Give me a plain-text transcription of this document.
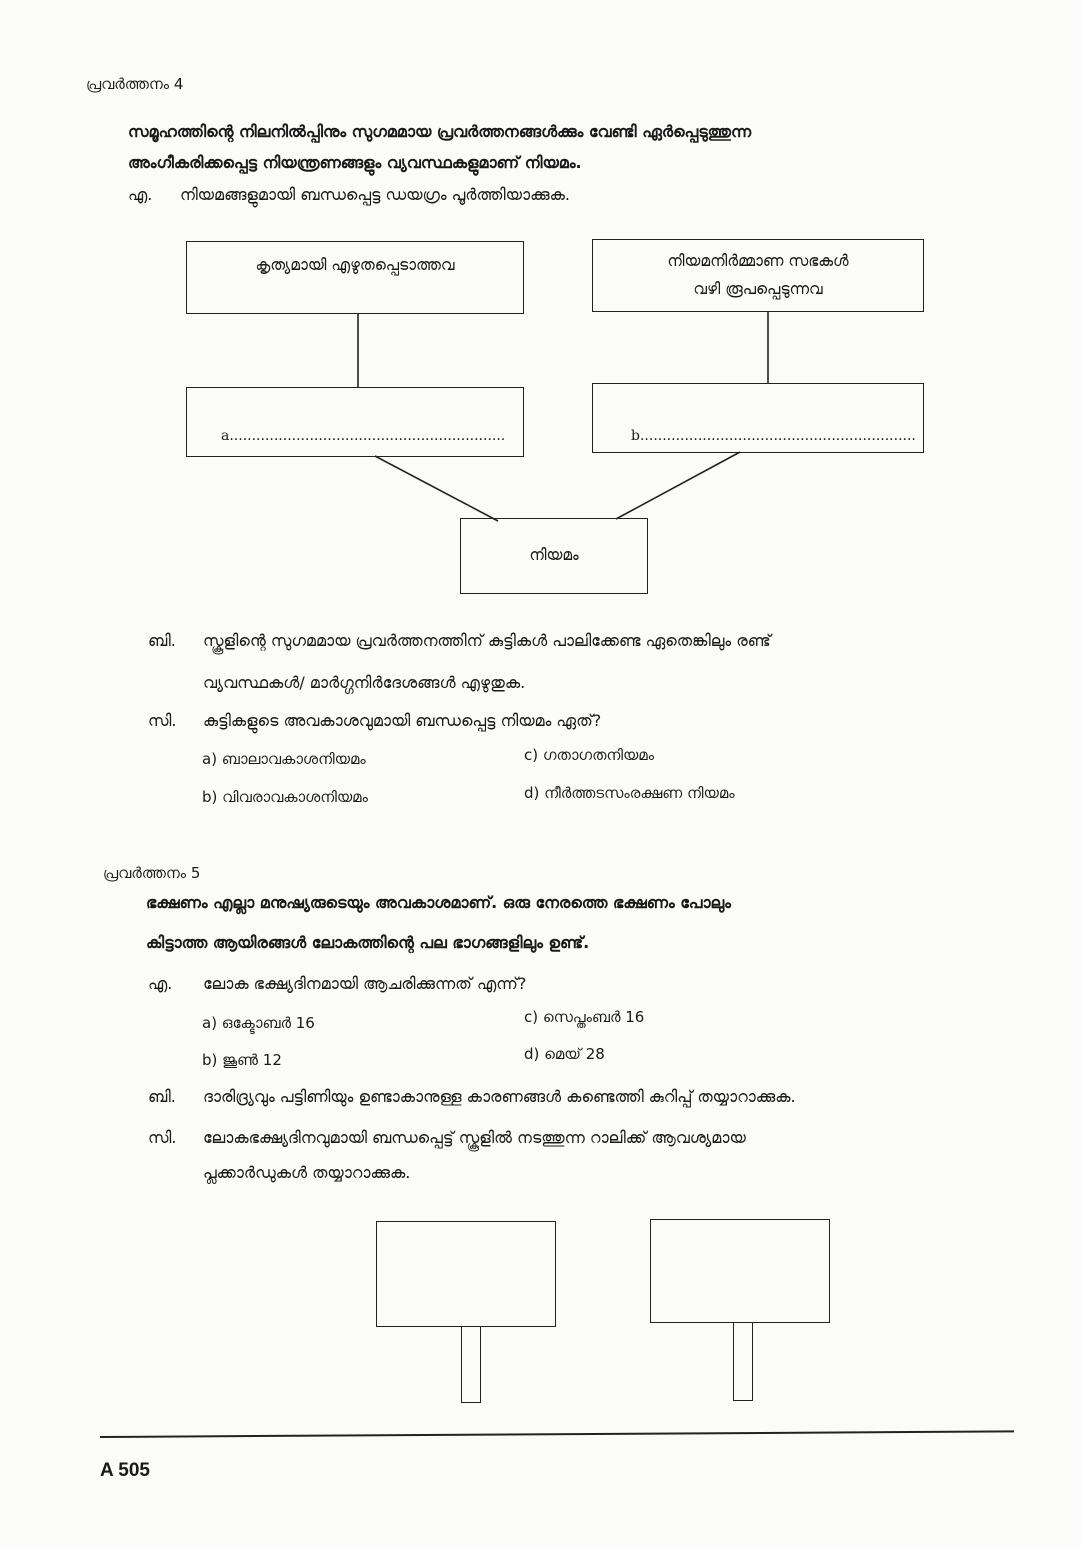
പ്രവർത്തനം 4
സമൂഹത്തിന്റെ നിലനിൽപ്പിനും സുഗമമായ പ്രവർത്തനങ്ങൾക്കും വേണ്ടി ഏർപ്പെടുത്തുന്ന
അംഗീകരിക്കപ്പെട്ട നിയന്ത്രണങ്ങളും വ്യവസ്ഥകളുമാണ് നിയമം.
എ. നിയമങ്ങളുമായി ബന്ധപ്പെട്ട ഡയഗ്രം പൂർത്തിയാക്കുക.
കൃത്യമായി എഴുതപ്പെടാത്തവ	നിയമനിർമ്മാണ സഭകൾ
വഴി രൂപപ്പെടുന്നവ
a..............................................................	b..............................................................
നിയമം
ബി. സ്കൂളിന്റെ സുഗമമായ പ്രവർത്തനത്തിന് കുട്ടികൾ പാലിക്കേണ്ട ഏതെങ്കിലും രണ്ട്
വ്യവസ്ഥകൾ/ മാർഗ്ഗനിർദേശങ്ങൾ എഴുതുക.
സി. കുട്ടികളുടെ അവകാശവുമായി ബന്ധപ്പെട്ട നിയമം ഏത്?
a) ബാലാവകാശനിയമം
b) വിവരാവകാശനിയമം
c) ഗതാഗതനിയമം
d) നീർത്തടസംരക്ഷണ നിയമം
പ്രവർത്തനം 5
ഭക്ഷണം എല്ലാ മനുഷ്യരുടെയും അവകാശമാണ്. ഒരു നേരത്തെ ഭക്ഷണം പോലും
കിട്ടാത്ത ആയിരങ്ങൾ ലോകത്തിന്റെ പല ഭാഗങ്ങളിലും ഉണ്ട്.
എ. ലോക ഭക്ഷ്യദിനമായി ആചരിക്കുന്നത് എന്ന്?
a) ഒക്ടോബർ 16
b) ജൂൺ 12
c) സെപ്തംബർ 16
d) മെയ് 28
ബി. ദാരിദ്ര്യവും പട്ടിണിയും ഉണ്ടാകാനുള്ള കാരണങ്ങൾ കണ്ടെത്തി കുറിപ്പ് തയ്യാറാക്കുക.
സി. ലോകഭക്ഷ്യദിനവുമായി ബന്ധപ്പെട്ട് സ്കൂളിൽ നടത്തുന്ന റാലിക്ക് ആവശ്യമായ
പ്ലക്കാർഡുകൾ തയ്യാറാക്കുക.
A 505
